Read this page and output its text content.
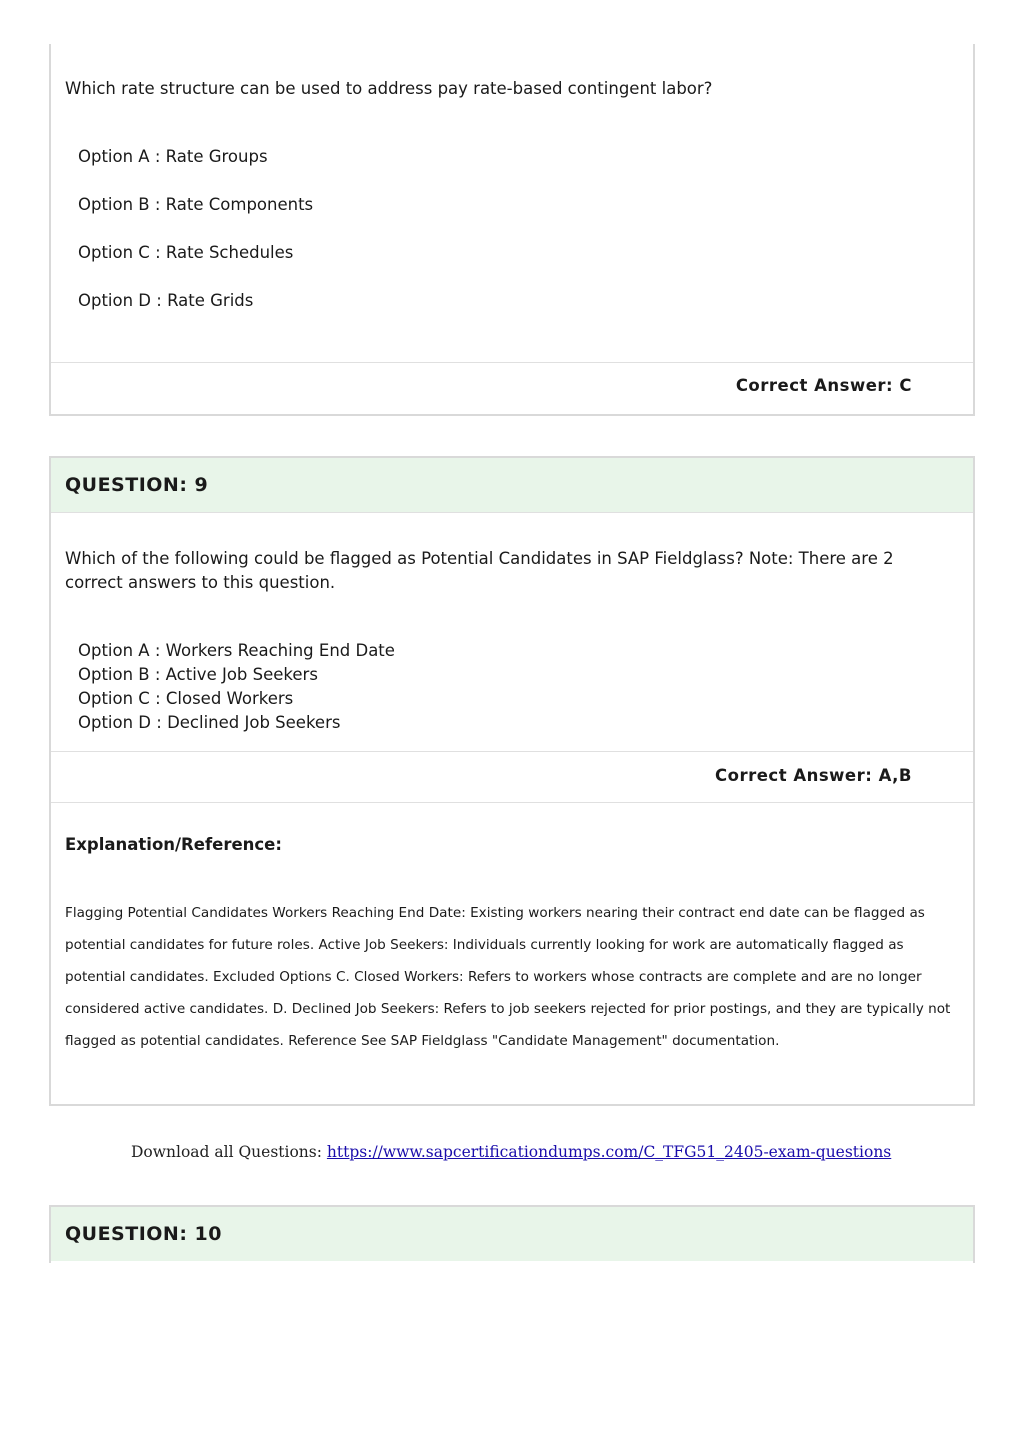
Which rate structure can be used to address pay rate-based contingent labor?
Option A : Rate Groups
Option B : Rate Components
Option C : Rate Schedules
Option D : Rate Grids
Correct Answer: C
QUESTION: 9
Which of the following could be flagged as Potential Candidates in SAP Fieldglass? Note: There are 2 correct answers to this question.
Option A : Workers Reaching End Date
Option B : Active Job Seekers
Option C : Closed Workers
Option D : Declined Job Seekers
Correct Answer: A,B
Explanation/Reference:
Flagging Potential Candidates Workers Reaching End Date: Existing workers nearing their contract end date can be flagged as potential candidates for future roles. Active Job Seekers: Individuals currently looking for work are automatically flagged as potential candidates. Excluded Options C. Closed Workers: Refers to workers whose contracts are complete and are no longer considered active candidates. D. Declined Job Seekers: Refers to job seekers rejected for prior postings, and they are typically not flagged as potential candidates. Reference See SAP Fieldglass "Candidate Management" documentation.
Download all Questions: https://www.sapcertificationdumps.com/C_TFG51_2405-exam-questions
QUESTION: 10
